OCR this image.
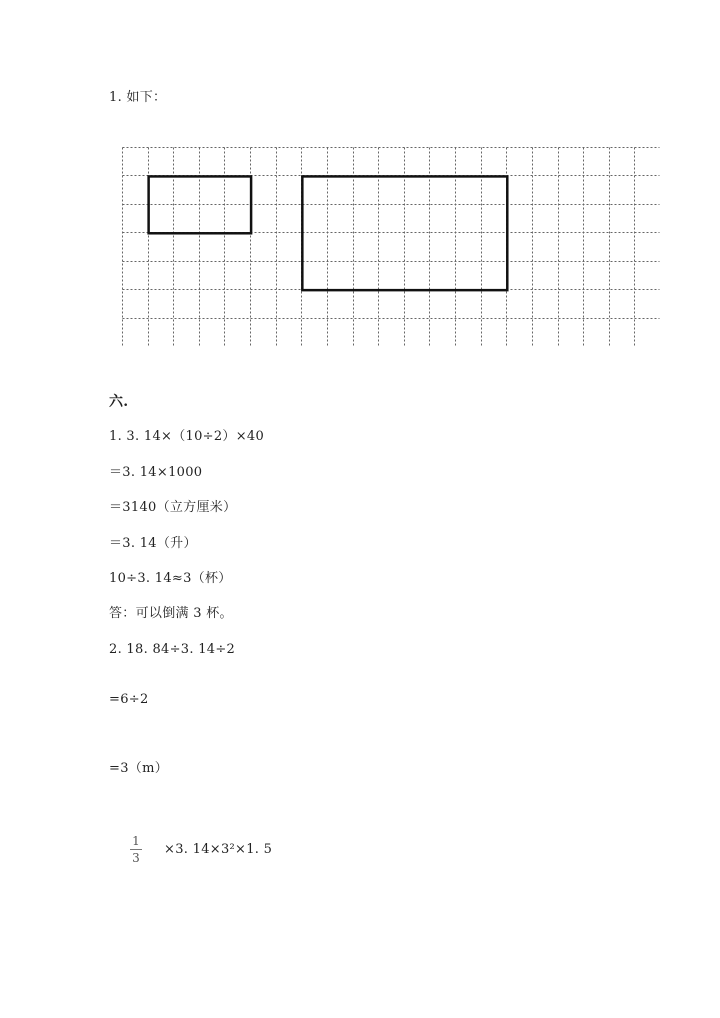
1. 如下：
六.
1. 3. 14×（10÷2）×40
＝3. 14×1000
＝3140（立方厘米）
＝3. 14（升）
10÷3. 14≈3（杯）
答：可以倒满 3 杯。
2. 18. 84÷3. 14÷2
=6÷2
=3（m）
1
3
×3. 14×3²×1. 5
